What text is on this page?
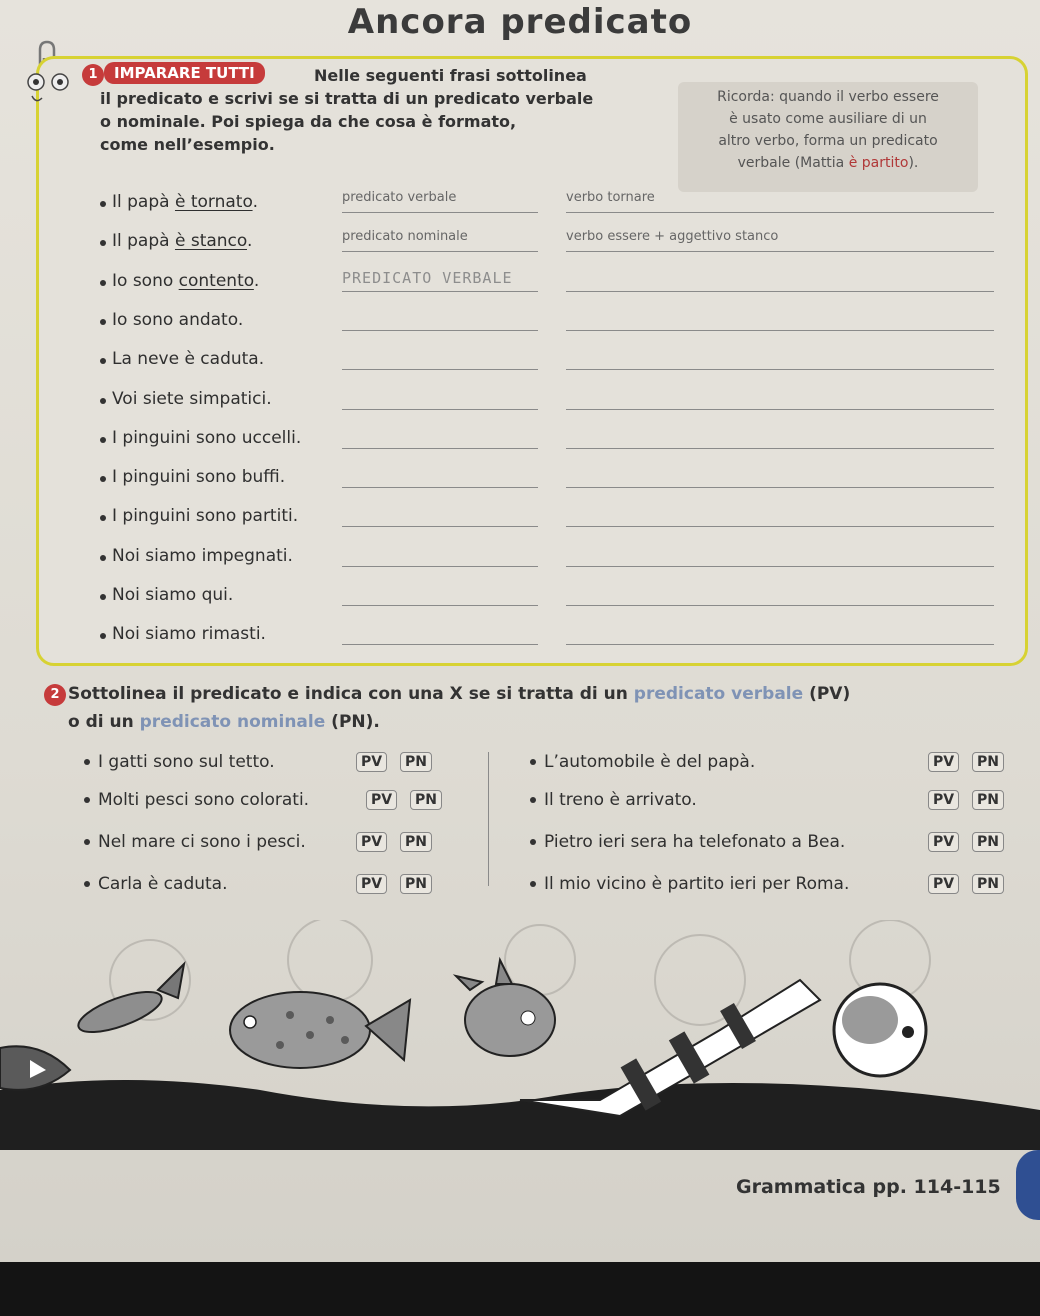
Ancora predicato
1	IMPARARE TUTTI	Nelle seguenti frasi sottolinea
il predicato e scrivi se si tratta di un predicato verbale
o nominale. Poi spiega da che cosa è formato,
come nell’esempio.
Ricorda: quando il verbo essere
è usato come ausiliare di un
altro verbo, forma un predicato
verbale (Mattia è partito).
Il papà è tornato.	predicato verbale	verbo tornare
Il papà è stanco.	predicato nominale	verbo essere + aggettivo stanco
Io sono contento.	PREDICATO VERBALE
Io sono andato.
La neve è caduta.
Voi siete simpatici.
I pinguini sono uccelli.
I pinguini sono buffi.
I pinguini sono partiti.
Noi siamo impegnati.
Noi siamo qui.
Noi siamo rimasti.
2 Sottolinea il predicato e indica con una X se si tratta di un predicato verbale (PV)
o di un predicato nominale (PN).
I gatti sono sul tetto.	PV	PN
Molti pesci sono colorati.	PV	PN
Nel mare ci sono i pesci.	PV	PN
Carla è caduta.	PV	PN
L’automobile è del papà.	PV	PN
Il treno è arrivato.	PV	PN
Pietro ieri sera ha telefonato a Bea.	PV	PN
Il mio vicino è partito ieri per Roma.	PV	PN
Grammatica pp. 114-115
